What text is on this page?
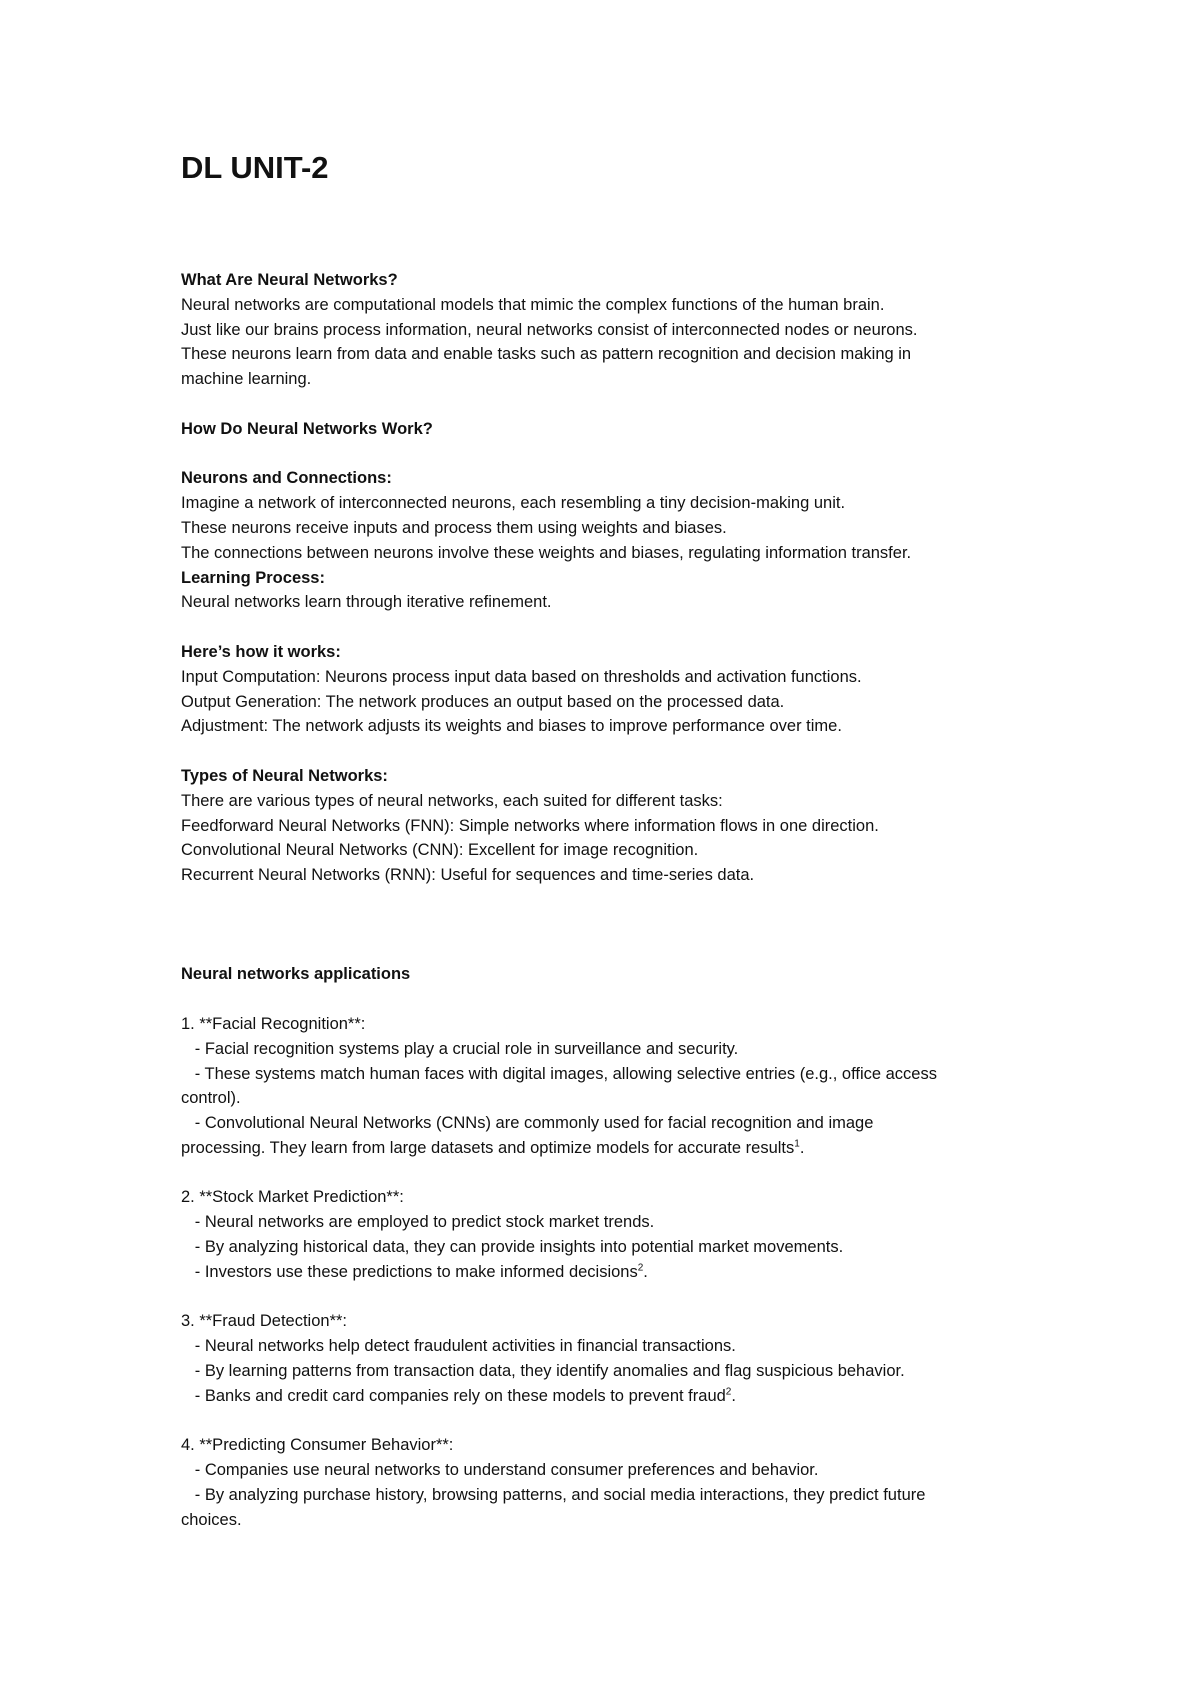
DL UNIT-2
What Are Neural Networks?
Neural networks are computational models that mimic the complex functions of the human brain.
Just like our brains process information, neural networks consist of interconnected nodes or neurons.
These neurons learn from data and enable tasks such as pattern recognition and decision making in
machine learning.
How Do Neural Networks Work?
Neurons and Connections:
Imagine a network of interconnected neurons, each resembling a tiny decision-making unit.
These neurons receive inputs and process them using weights and biases.
The connections between neurons involve these weights and biases, regulating information transfer.
Learning Process:
Neural networks learn through iterative refinement.
Here’s how it works:
Input Computation: Neurons process input data based on thresholds and activation functions.
Output Generation: The network produces an output based on the processed data.
Adjustment: The network adjusts its weights and biases to improve performance over time.
Types of Neural Networks:
There are various types of neural networks, each suited for different tasks:
Feedforward Neural Networks (FNN): Simple networks where information flows in one direction.
Convolutional Neural Networks (CNN): Excellent for image recognition.
Recurrent Neural Networks (RNN): Useful for sequences and time-series data.
Neural networks applications
1. **Facial Recognition**:
- Facial recognition systems play a crucial role in surveillance and security.
- These systems match human faces with digital images, allowing selective entries (e.g., office access
control).
- Convolutional Neural Networks (CNNs) are commonly used for facial recognition and image
processing. They learn from large datasets and optimize models for accurate results$^1$.
2. **Stock Market Prediction**:
- Neural networks are employed to predict stock market trends.
- By analyzing historical data, they can provide insights into potential market movements.
- Investors use these predictions to make informed decisions$^2$.
3. **Fraud Detection**:
- Neural networks help detect fraudulent activities in financial transactions.
- By learning patterns from transaction data, they identify anomalies and flag suspicious behavior.
- Banks and credit card companies rely on these models to prevent fraud$^2$.
4. **Predicting Consumer Behavior**:
- Companies use neural networks to understand consumer preferences and behavior.
- By analyzing purchase history, browsing patterns, and social media interactions, they predict future
choices.
